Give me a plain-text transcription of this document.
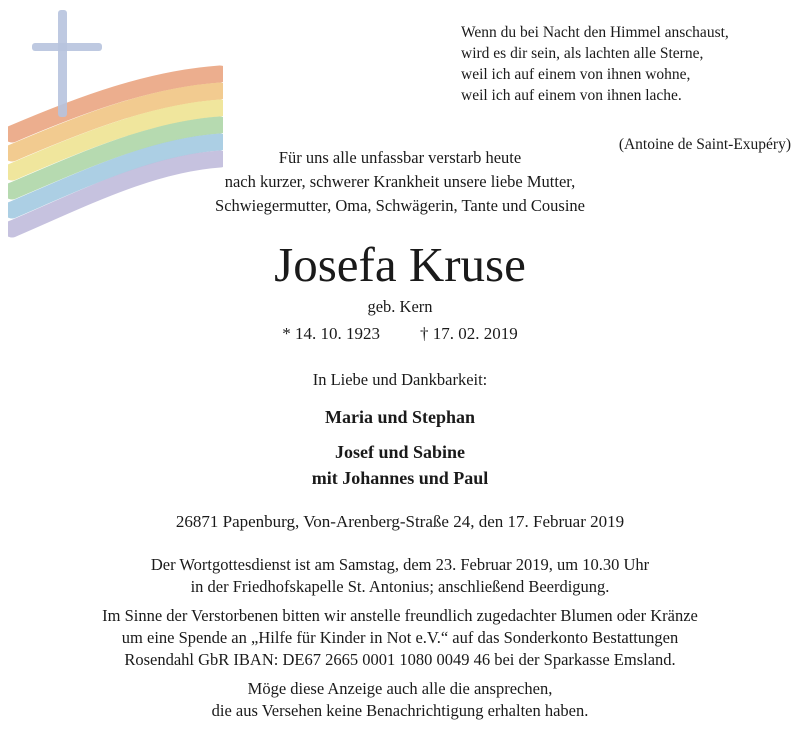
Wenn du bei Nacht den Himmel anschaust,
wird es dir sein, als lachten alle Sterne,
weil ich auf einem von ihnen wohne,
weil ich auf einem von ihnen lache.
(Antoine de Saint-Exupéry)
Für uns alle unfassbar verstarb heute
nach kurzer, schwerer Krankheit unsere liebe Mutter,
Schwiegermutter, Oma, Schwägerin, Tante und Cousine
Josefa Kruse
geb. Kern
* 14. 10. 1923 † 17. 02. 2019
In Liebe und Dankbarkeit:
Maria und Stephan
Josef und Sabine
mit Johannes und Paul
26871 Papenburg, Von-Arenberg-Straße 24, den 17. Februar 2019
Der Wortgottesdienst ist am Samstag, dem 23. Februar 2019, um 10.30 Uhr
in der Friedhofskapelle St. Antonius; anschließend Beerdigung.
Im Sinne der Verstorbenen bitten wir anstelle freundlich zugedachter Blumen oder Kränze
um eine Spende an „Hilfe für Kinder in Not e.V.“ auf das Sonderkonto Bestattungen
Rosendahl GbR IBAN: DE67 2665 0001 1080 0049 46 bei der Sparkasse Emsland.
Möge diese Anzeige auch alle die ansprechen,
die aus Versehen keine Benachrichtigung erhalten haben.
